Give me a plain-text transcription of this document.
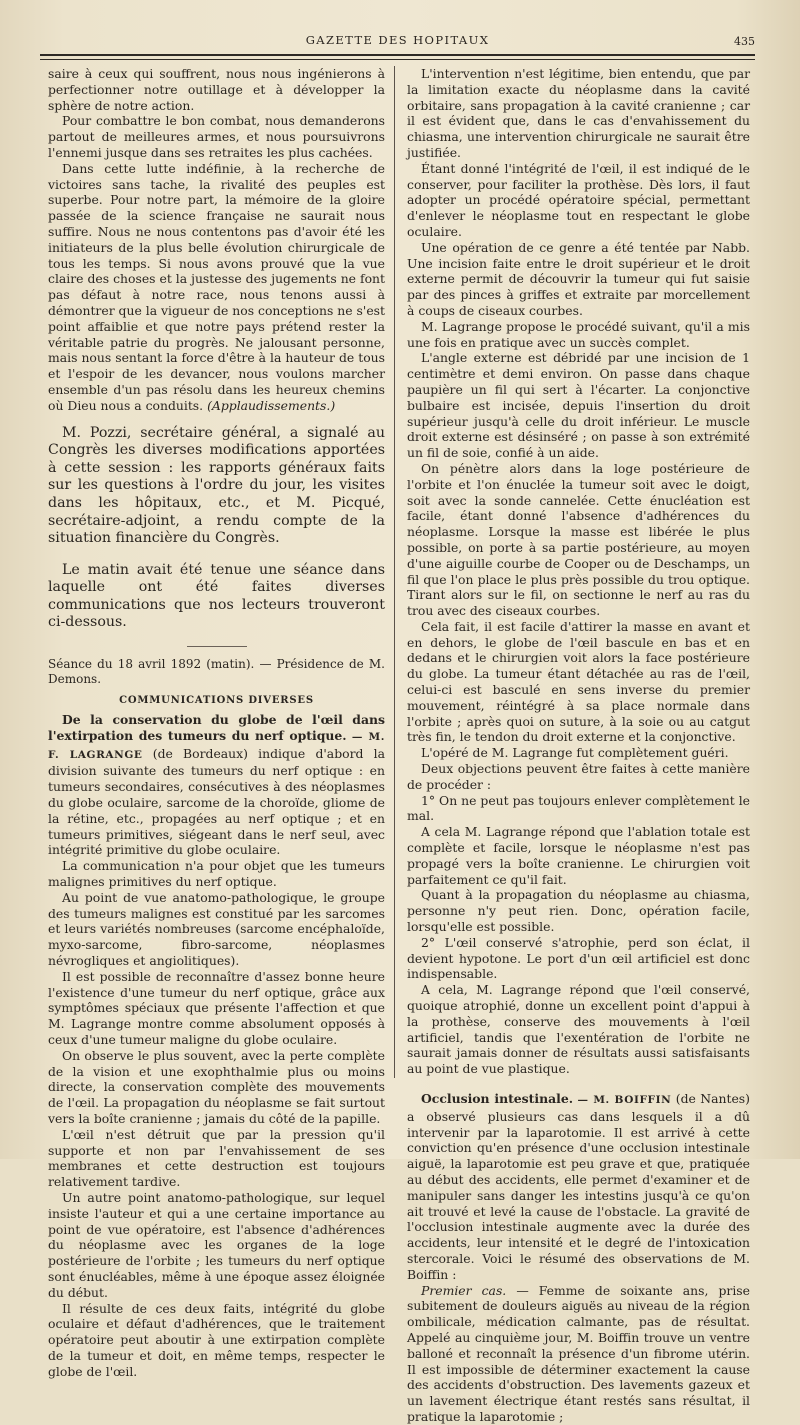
GAZETTE DES HOPITAUX	435

saire à ceux qui souffrent, nous nous ingénierons à perfectionner notre outillage et à développer la sphère de notre action.

Pour combattre le bon combat, nous demanderons partout de meilleures armes, et nous poursuivrons l'ennemi jusque dans ses retraites les plus cachées.

Dans cette lutte indéfinie, à la recherche de victoires sans tache, la rivalité des peuples est superbe. Pour notre part, la mémoire de la gloire passée de la science française ne saurait nous suffire. Nous ne nous contentons pas d'avoir été les initiateurs de la plus belle évolution chirurgicale de tous les temps. Si nous avons prouvé que la vue claire des choses et la justesse des jugements ne font pas défaut à notre race, nous tenons aussi à démontrer que la vigueur de nos conceptions ne s'est point affaiblie et que notre pays prétend rester la véritable patrie du progrès. Ne jalousant personne, mais nous sentant la force d'être à la hauteur de tous et l'espoir de les devancer, nous voulons marcher ensemble d'un pas résolu dans les heureux chemins où Dieu nous a conduits. (Applaudissements.)

M. Pozzi, secrétaire général, a signalé au Congrès les diverses modifications apportées à cette session : les rapports généraux faits sur les questions à l'ordre du jour, les visites dans les hôpitaux, etc., et M. Picqué, secrétaire-adjoint, a rendu compte de la situation financière du Congrès.

Le matin avait été tenue une séance dans laquelle ont été faites diverses communications que nos lecteurs trouveront ci-dessous.

Séance du 18 avril 1892 (matin). — Présidence de M. Demons.

COMMUNICATIONS DIVERSES

De la conservation du globe de l'œil dans l'extirpation des tumeurs du nerf optique. — M. F. LAGRANGE (de Bordeaux) indique d'abord la division suivante des tumeurs du nerf optique : en tumeurs secondaires, consécutives à des néoplasmes du globe oculaire, sarcome de la choroïde, gliome de la rétine, etc., propagées au nerf optique ; et en tumeurs primitives, siégeant dans le nerf seul, avec intégrité primitive du globe oculaire.

La communication n'a pour objet que les tumeurs malignes primitives du nerf optique.

Au point de vue anatomo-pathologique, le groupe des tumeurs malignes est constitué par les sarcomes et leurs variétés nombreuses (sarcome encéphaloïde, myxo-sarcome, fibro-sarcome, néoplasmes névrogliques et angiolitiques).

Il est possible de reconnaître d'assez bonne heure l'existence d'une tumeur du nerf optique, grâce aux symptômes spéciaux que présente l'affection et que M. Lagrange montre comme absolument opposés à ceux d'une tumeur maligne du globe oculaire.

On observe le plus souvent, avec la perte complète de la vision et une exophthalmie plus ou moins directe, la conservation complète des mouvements de l'œil. La propagation du néoplasme se fait surtout vers la boîte cranienne ; jamais du côté de la papille.

L'œil n'est détruit que par la pression qu'il supporte et non par l'envahissement de ses membranes et cette destruction est toujours relativement tardive.

Un autre point anatomo-pathologique, sur lequel insiste l'auteur et qui a une certaine importance au point de vue opératoire, est l'absence d'adhérences du néoplasme avec les organes de la loge postérieure de l'orbite ; les tumeurs du nerf optique sont énucléables, même à une époque assez éloignée du début.

Il résulte de ces deux faits, intégrité du globe oculaire et défaut d'adhérences, que le traitement opératoire peut aboutir à une extirpation complète de la tumeur et doit, en même temps, respecter le globe de l'œil.

L'intervention n'est légitime, bien entendu, que par la limitation exacte du néoplasme dans la cavité orbitaire, sans propagation à la cavité cranienne ; car il est évident que, dans le cas d'envahissement du chiasma, une intervention chirurgicale ne saurait être justifiée.

Étant donné l'intégrité de l'œil, il est indiqué de le conserver, pour faciliter la prothèse. Dès lors, il faut adopter un procédé opératoire spécial, permettant d'enlever le néoplasme tout en respectant le globe oculaire.

Une opération de ce genre a été tentée par Nabb. Une incision faite entre le droit supérieur et le droit externe permit de découvrir la tumeur qui fut saisie par des pinces à griffes et extraite par morcellement à coups de ciseaux courbes.

M. Lagrange propose le procédé suivant, qu'il a mis une fois en pratique avec un succès complet.

L'angle externe est débridé par une incision de 1 centimètre et demi environ. On passe dans chaque paupière un fil qui sert à l'écarter. La conjonctive bulbaire est incisée, depuis l'insertion du droit supérieur jusqu'à celle du droit inférieur. Le muscle droit externe est désinséré ; on passe à son extrémité un fil de soie, confié à un aide.

On pénètre alors dans la loge postérieure de l'orbite et l'on énuclée la tumeur soit avec le doigt, soit avec la sonde cannelée. Cette énucléation est facile, étant donné l'absence d'adhérences du néoplasme. Lorsque la masse est libérée le plus possible, on porte à sa partie postérieure, au moyen d'une aiguille courbe de Cooper ou de Deschamps, un fil que l'on place le plus près possible du trou optique. Tirant alors sur le fil, on sectionne le nerf au ras du trou avec des ciseaux courbes.

Cela fait, il est facile d'attirer la masse en avant et en dehors, le globe de l'œil bascule en bas et en dedans et le chirurgien voit alors la face postérieure du globe. La tumeur étant détachée au ras de l'œil, celui-ci est basculé en sens inverse du premier mouvement, réintégré à sa place normale dans l'orbite ; après quoi on suture, à la soie ou au catgut très fin, le tendon du droit externe et la conjonctive.

L'opéré de M. Lagrange fut complètement guéri.

Deux objections peuvent être faites à cette manière de procéder :

1° On ne peut pas toujours enlever complètement le mal.

A cela M. Lagrange répond que l'ablation totale est complète et facile, lorsque le néoplasme n'est pas propagé vers la boîte cranienne. Le chirurgien voit parfaitement ce qu'il fait.

Quant à la propagation du néoplasme au chiasma, personne n'y peut rien. Donc, opération facile, lorsqu'elle est possible.

2° L'œil conservé s'atrophie, perd son éclat, il devient hypotone. Le port d'un œil artificiel est donc indispensable.

A cela, M. Lagrange répond que l'œil conservé, quoique atrophié, donne un excellent point d'appui à la prothèse, conserve des mouvements à l'œil artificiel, tandis que l'exentération de l'orbite ne saurait jamais donner de résultats aussi satisfaisants au point de vue plastique.

Occlusion intestinale. — M. BOIFFIN (de Nantes) a observé plusieurs cas dans lesquels il a dû intervenir par la laparotomie. Il est arrivé à cette conviction qu'en présence d'une occlusion intestinale aiguë, la laparotomie est peu grave et que, pratiquée au début des accidents, elle permet d'examiner et de manipuler sans danger les intestins jusqu'à ce qu'on ait trouvé et levé la cause de l'obstacle. La gravité de l'occlusion intestinale augmente avec la durée des accidents, leur intensité et le degré de l'intoxication stercorale. Voici le résumé des observations de M. Boiffin :

Premier cas. — Femme de soixante ans, prise subitement de douleurs aiguës au niveau de la région ombilicale, médication calmante, pas de résultat. Appelé au cinquième jour, M. Boiffin trouve un ventre balloné et reconnaît la présence d'un fibrome utérin. Il est impossible de déterminer exactement la cause des accidents d'obstruction. Des lavements gazeux et un lavement électrique étant restés sans résultat, il pratique la laparotomie ;
